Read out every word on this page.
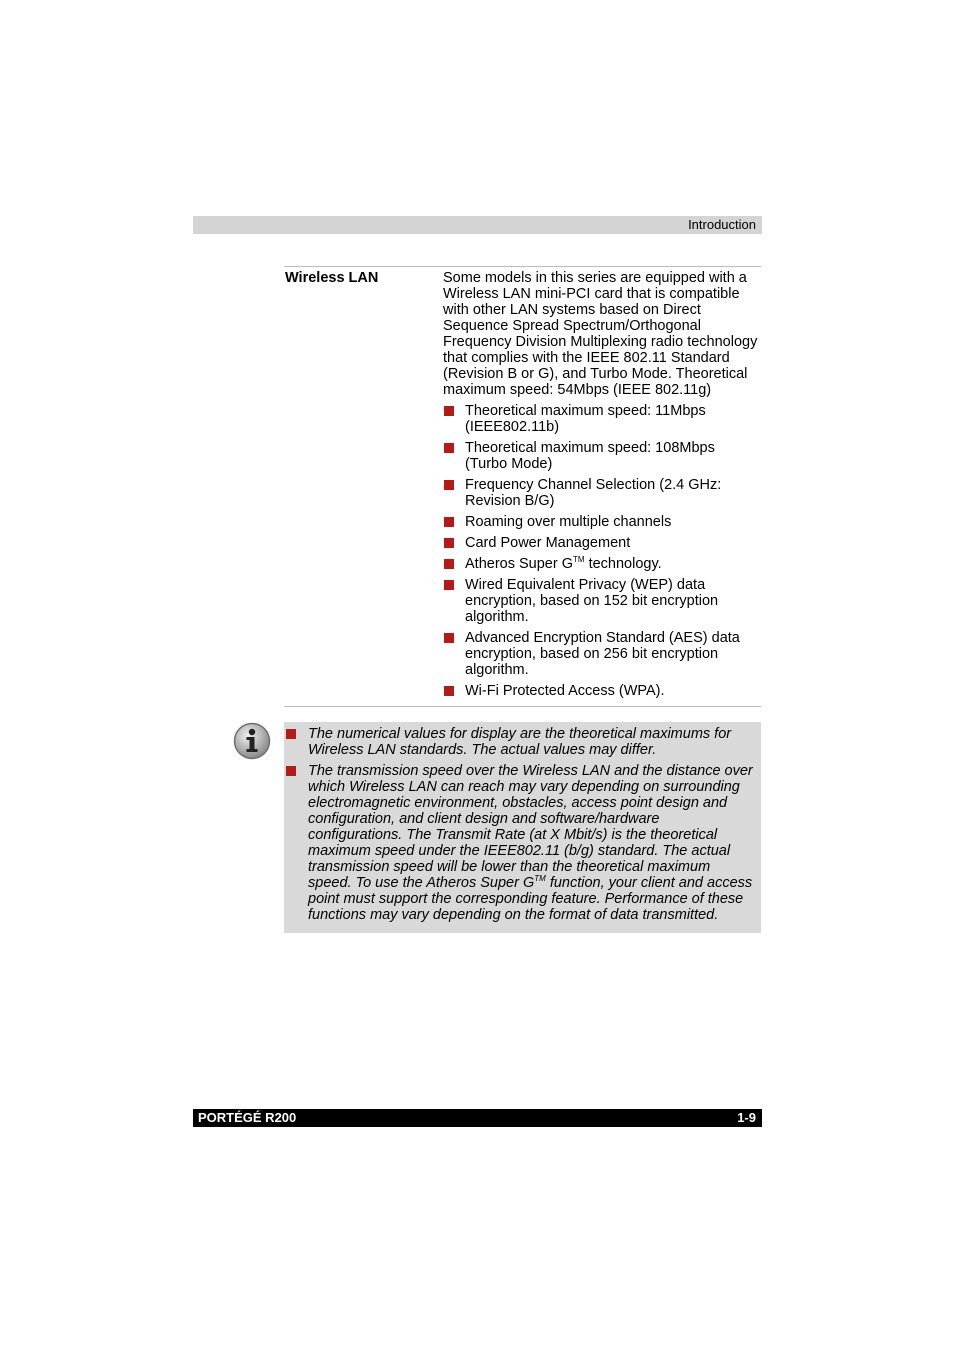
Introduction
Wireless LAN	Some models in this series are equipped with a Wireless LAN mini-PCI card that is compatible with other LAN systems based on Direct Sequence Spread Spectrum/Orthogonal Frequency Division Multiplexing radio technology that complies with the IEEE 802.11 Standard (Revision B or G), and Turbo Mode. Theoretical maximum speed: 54Mbps (IEEE 802.11g)

Theoretical maximum speed: 11Mbps (IEEE802.11b)
Theoretical maximum speed: 108Mbps (Turbo Mode)
Frequency Channel Selection (2.4 GHz: Revision B/G)
Roaming over multiple channels
Card Power Management
Atheros Super G™ technology.
Wired Equivalent Privacy (WEP) data encryption, based on 152 bit encryption algorithm.
Advanced Encryption Standard (AES) data encryption, based on 256 bit encryption algorithm.
Wi-Fi Protected Access (WPA).
The numerical values for display are the theoretical maximums for Wireless LAN standards. The actual values may differ.
The transmission speed over the Wireless LAN and the distance over which Wireless LAN can reach may vary depending on surrounding electromagnetic environment, obstacles, access point design and configuration, and client design and software/hardware configurations. The Transmit Rate (at X Mbit/s) is the theoretical maximum speed under the IEEE802.11 (b/g) standard. The actual transmission speed will be lower than the theoretical maximum speed. To use the Atheros Super G™ function, your client and access point must support the corresponding feature. Performance of these functions may vary depending on the format of data transmitted.
PORTÉGÉ R200	1-9
